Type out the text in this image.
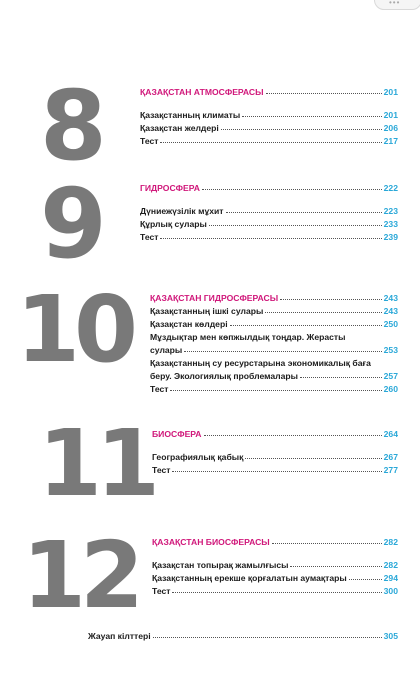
•••
8	ҚАЗАҚСТАН АТМОСФЕРАСЫ	201
Қазақстанның климаты	201
Қазақстан желдері	206
Тест	217
9	ГИДРОСФЕРА	222
Дүниежүзілік мұхит	223
Құрлық сулары	233
Тест	239
10 ҚАЗАҚСТАН ГИДРОСФЕРАСЫ	243
Қазақстанның ішкі сулары	243
Қазақстан көлдері	250
Мұздықтар мен көпжылдық тоңдар. Жерасты
сулары	253
Қазақстанның су ресурстарына экономикалық баға
беру. Экологиялық проблемалары	257
Тест	260
11
БИОСФЕРА	264
Географиялық қабық	267
Тест	277
12 ҚАЗАҚСТАН БИОСФЕРАСЫ	282
Қазақстан топырақ жамылғысы	282
Қазақстанның ерекше қорғалатын аумақтары	294
Тест	300
Жауап кілттері	305
